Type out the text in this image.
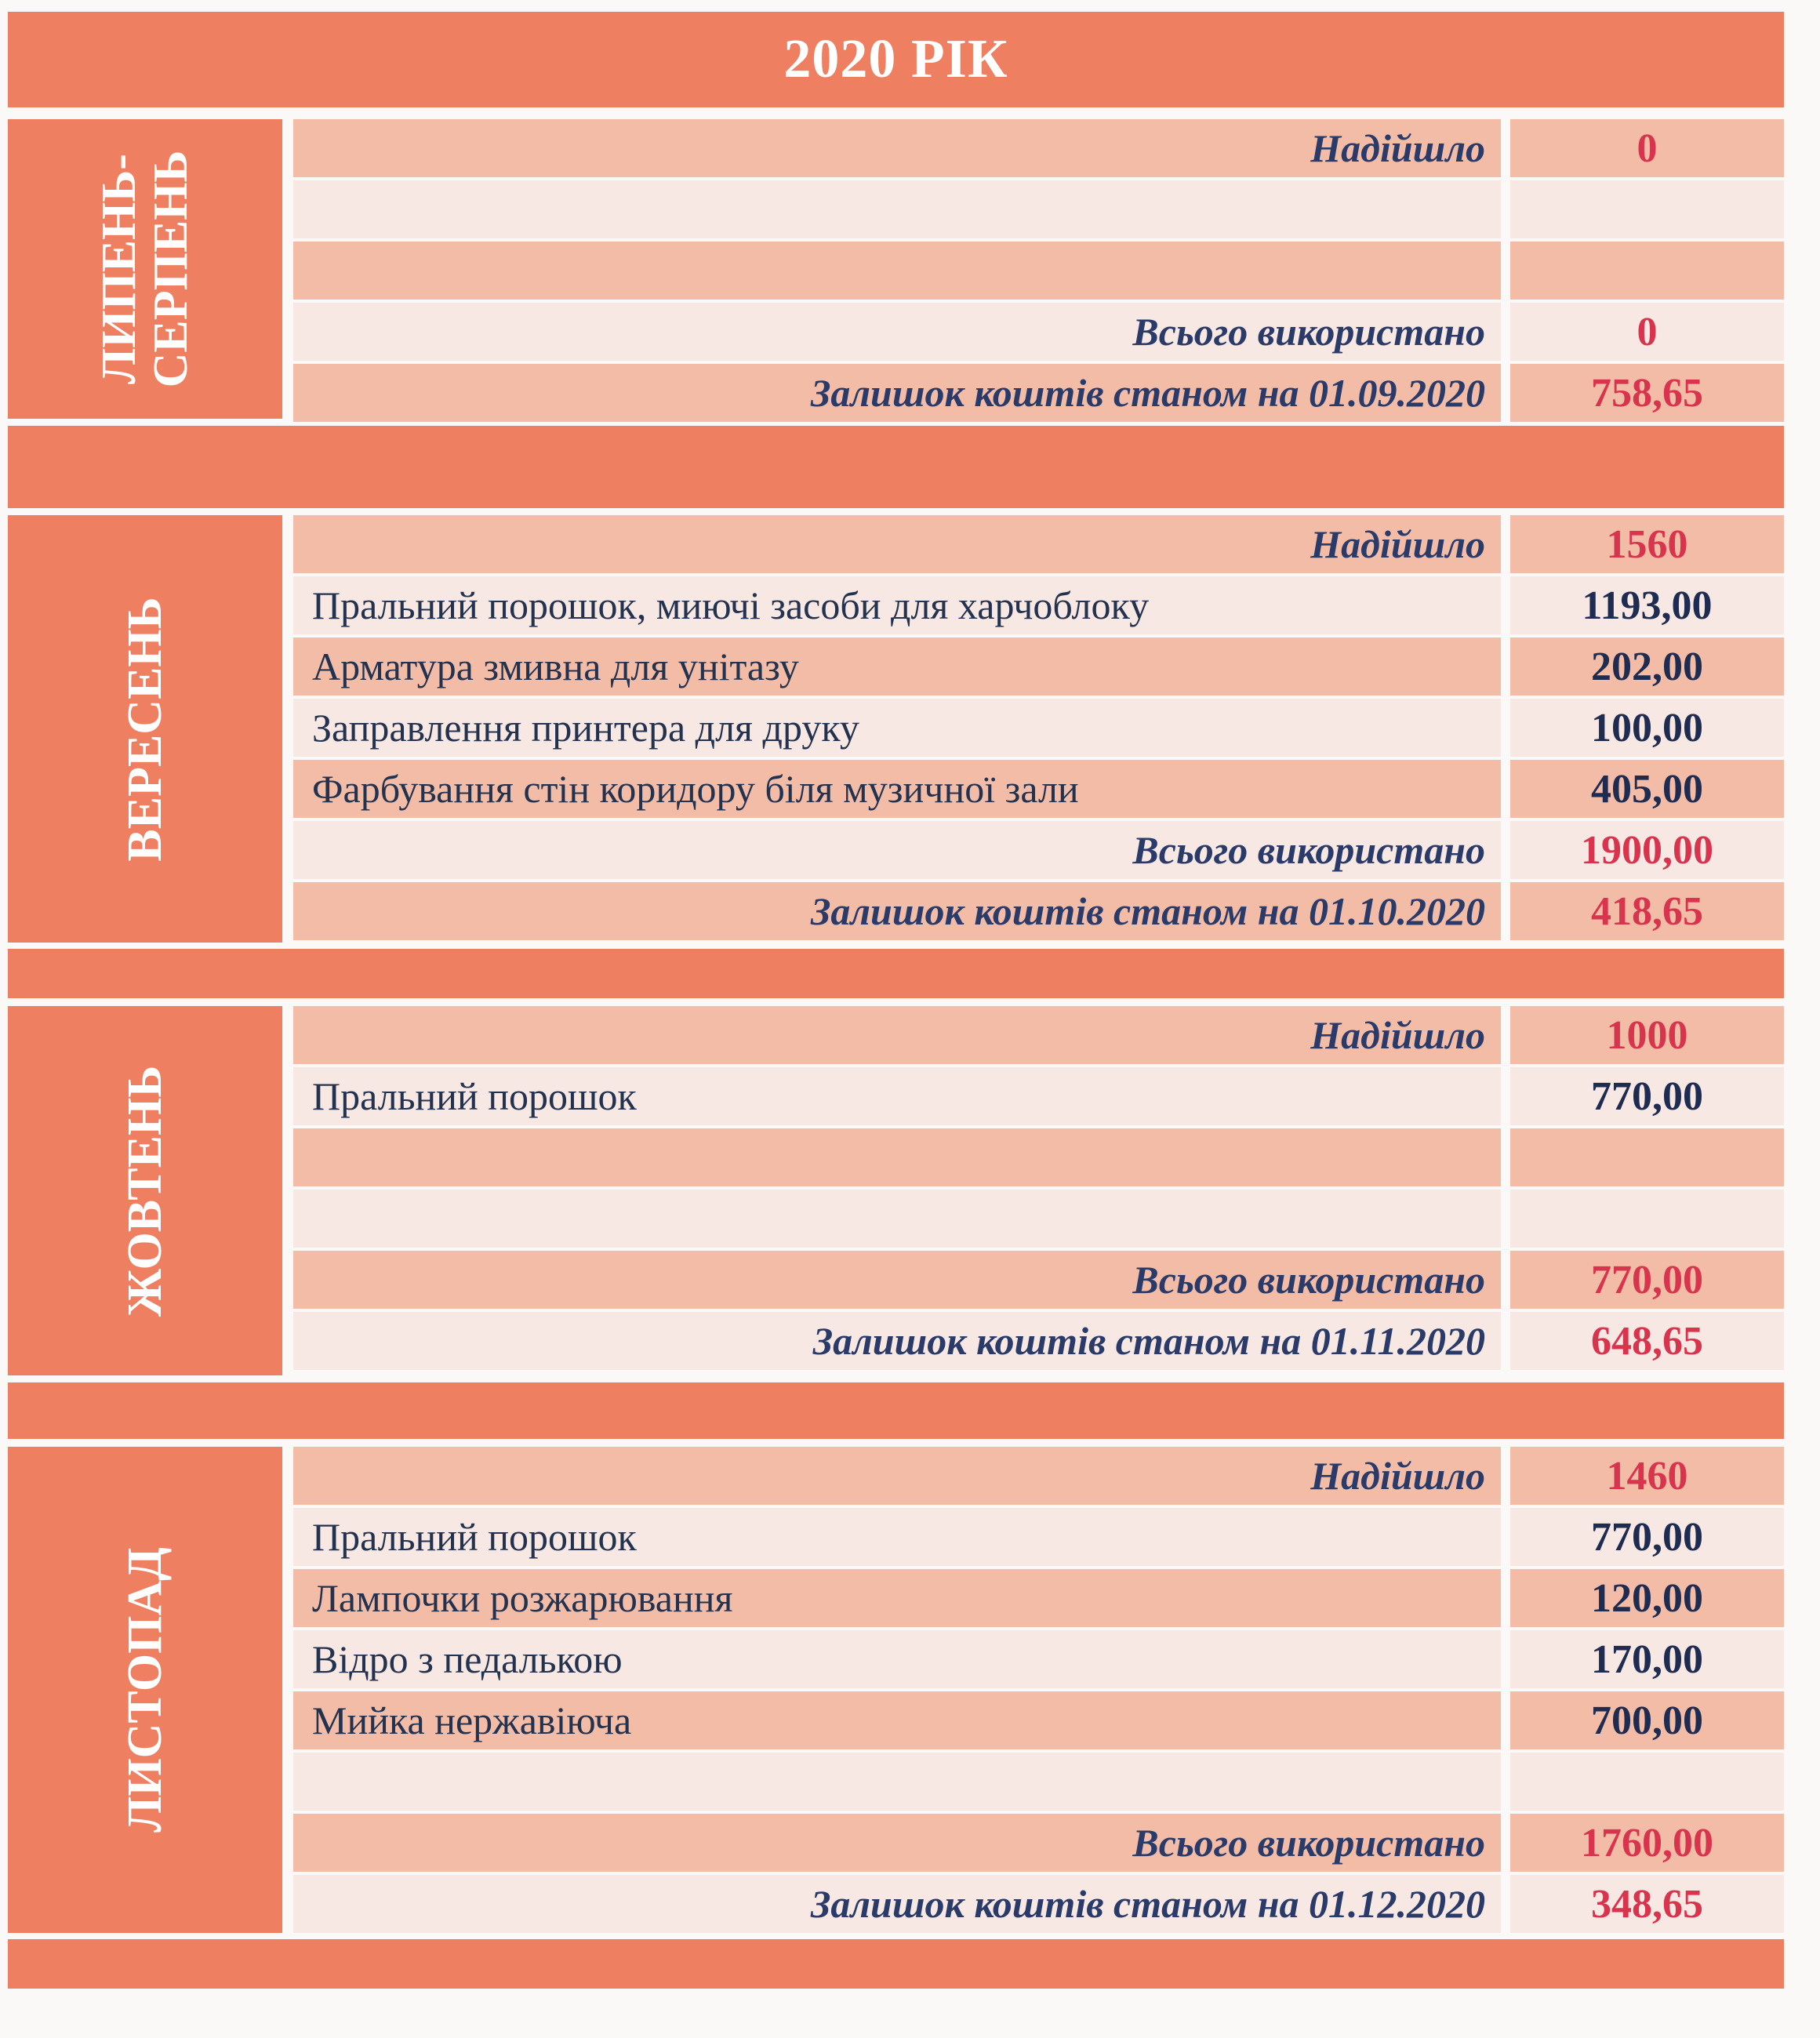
2020 РІК
ЛИПЕНЬ-
СЕРПЕНЬ
Надійшло	0
Всього використано	0
Залишок коштів станом на 01.09.2020	758,65
ВЕРЕСЕНЬ
Надійшло	1560
Пральний порошок, миючі засоби для харчоблоку	1193,00
Арматура змивна для унітазу	202,00
Заправлення принтера для друку	100,00
Фарбування стін коридору біля музичної зали	405,00
Всього використано	1900,00
Залишок коштів станом на 01.10.2020	418,65
ЖОВТЕНЬ
Надійшло	1000
Пральний порошок	770,00
Всього використано	770,00
Залишок коштів станом на 01.11.2020	648,65
ЛИСТОПАД
Надійшло	1460
Пральний порошок	770,00
Лампочки розжарювання	120,00
Відро з педалькою	170,00
Мийка нержавіюча	700,00
Всього використано	1760,00
Залишок коштів станом на 01.12.2020	348,65
